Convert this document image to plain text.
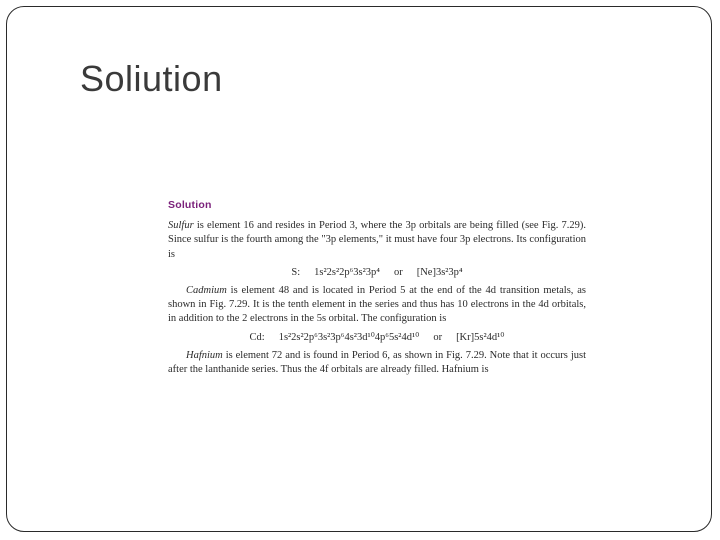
Soliution
Solution

Sulfur is element 16 and resides in Period 3, where the 3p orbitals are being filled (see Fig. 7.29). Since sulfur is the fourth among the "3p elements," it must have four 3p electrons. Its configuration is

S: 1s²2s²2p⁶3s²3p⁴ or [Ne]3s²3p⁴

Cadmium is element 48 and is located in Period 5 at the end of the 4d transition metals, as shown in Fig. 7.29. It is the tenth element in the series and thus has 10 electrons in the 4d orbitals, in addition to the 2 electrons in the 5s orbital. The configuration is

Cd: 1s²2s²2p⁶3s²3p⁶4s²3d¹⁰4p⁶5s²4d¹⁰ or [Kr]5s²4d¹⁰

Hafnium is element 72 and is found in Period 6, as shown in Fig. 7.29. Note that it occurs just after the lanthanide series. Thus the 4f orbitals are already filled. Hafnium is
